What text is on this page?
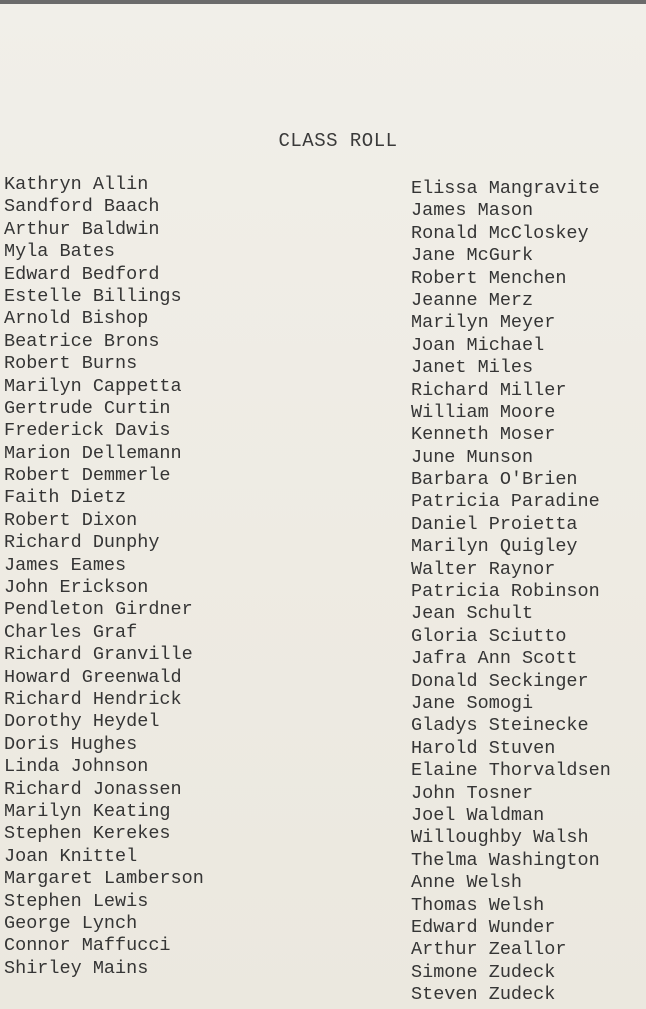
CLASS ROLL
Kathryn Allin
Sandford Baach
Arthur Baldwin
Myla Bates
Edward Bedford
Estelle Billings
Arnold Bishop
Beatrice Brons
Robert Burns
Marilyn Cappetta
Gertrude Curtin
Frederick Davis
Marion Dellemann
Robert Demmerle
Faith Dietz
Robert Dixon
Richard Dunphy
James Eames
John Erickson
Pendleton Girdner
Charles Graf
Richard Granville
Howard Greenwald
Richard Hendrick
Dorothy Heydel
Doris Hughes
Linda Johnson
Richard Jonassen
Marilyn Keating
Stephen Kerekes
Joan Knittel
Margaret Lamberson
Stephen Lewis
George Lynch
Connor Maffucci
Shirley Mains
Elissa Mangravite
James Mason
Ronald McCloskey
Jane McGurk
Robert Menchen
Jeanne Merz
Marilyn Meyer
Joan Michael
Janet Miles
Richard Miller
William Moore
Kenneth Moser
June Munson
Barbara O'Brien
Patricia Paradine
Daniel Proietta
Marilyn Quigley
Walter Raynor
Patricia Robinson
Jean Schult
Gloria Sciutto
Jafra Ann Scott
Donald Seckinger
Jane Somogi
Gladys Steinecke
Harold Stuven
Elaine Thorvaldsen
John Tosner
Joel Waldman
Willoughby Walsh
Thelma Washington
Anne Welsh
Thomas Welsh
Edward Wunder
Arthur Zeallor
Simone Zudeck
Steven Zudeck
